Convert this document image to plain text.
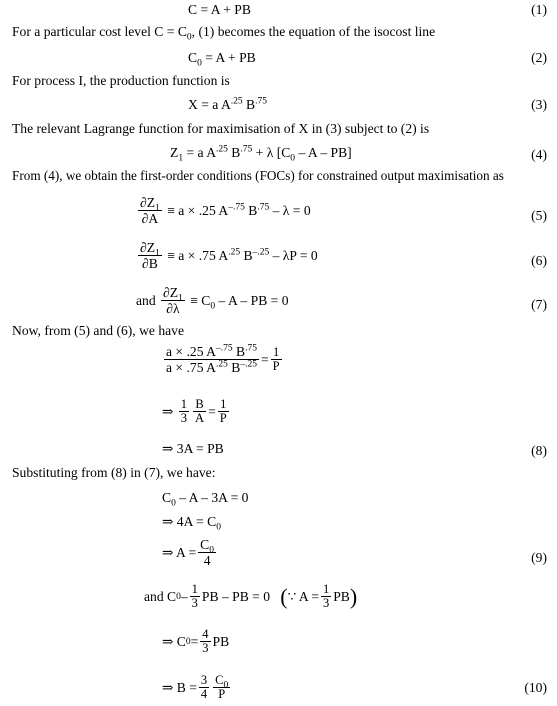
C = A + PB	(1)
For a particular cost level $C = C_0$, (1) becomes the equation of the isocost line
$C_0 = A$ + PB	(2)
For process I, the production function is
X = a $A^{.25}$ $B^{.75}$	(3)
The relevant Lagrange function for maximisation of X in (3) subject to (2) is
$Z_1 = a$ $A^{.25}$ $B^{.75} + \lambda$ [$C_0$ – A – PB]	(4)
From (4), we obtain the first-order conditions (FOCs) for constrained output maximisation as
$\frac{\partial Z_1}{\partial A} \equiv a \times .25$ $A^{-.75}$ $B^{.75} - \lambda = 0$	(5)
$\frac{\partial Z_1}{\partial B} \equiv a \times .75$ $A^{.25}$ $B^{-.25} - \lambda P = 0$	(6)
and
$\frac{\partial Z_1}{\partial\lambda} \equiv C_0 - A$ – PB = 0	(7)
Now, from (5) and (6), we have
$\frac{a \times .25 A^{-.75} B^{.75}}{a \times .75 A^{.25} B^{-.25}} = \frac{1}{P}$
⇒
$\frac{1}{3} \frac{B}{A} = \frac{1}{P}$
⇒ 3A = PB	(8)
Substituting from (8) in (7), we have:
$C_0 - A - 3A = 0$
⇒ $4A = C_0$
⇒ $A = \frac{C_0}{4}$	(9)
and
C $0 - \frac{1}{3}$ PB – PB = 0
( ∵ $A = \frac{1}{3}$ PB )
⇒ C $0 = \frac{4}{3}$ PB
⇒ $B = \frac{3}{4} \frac{C_0}{P}$	(10)
